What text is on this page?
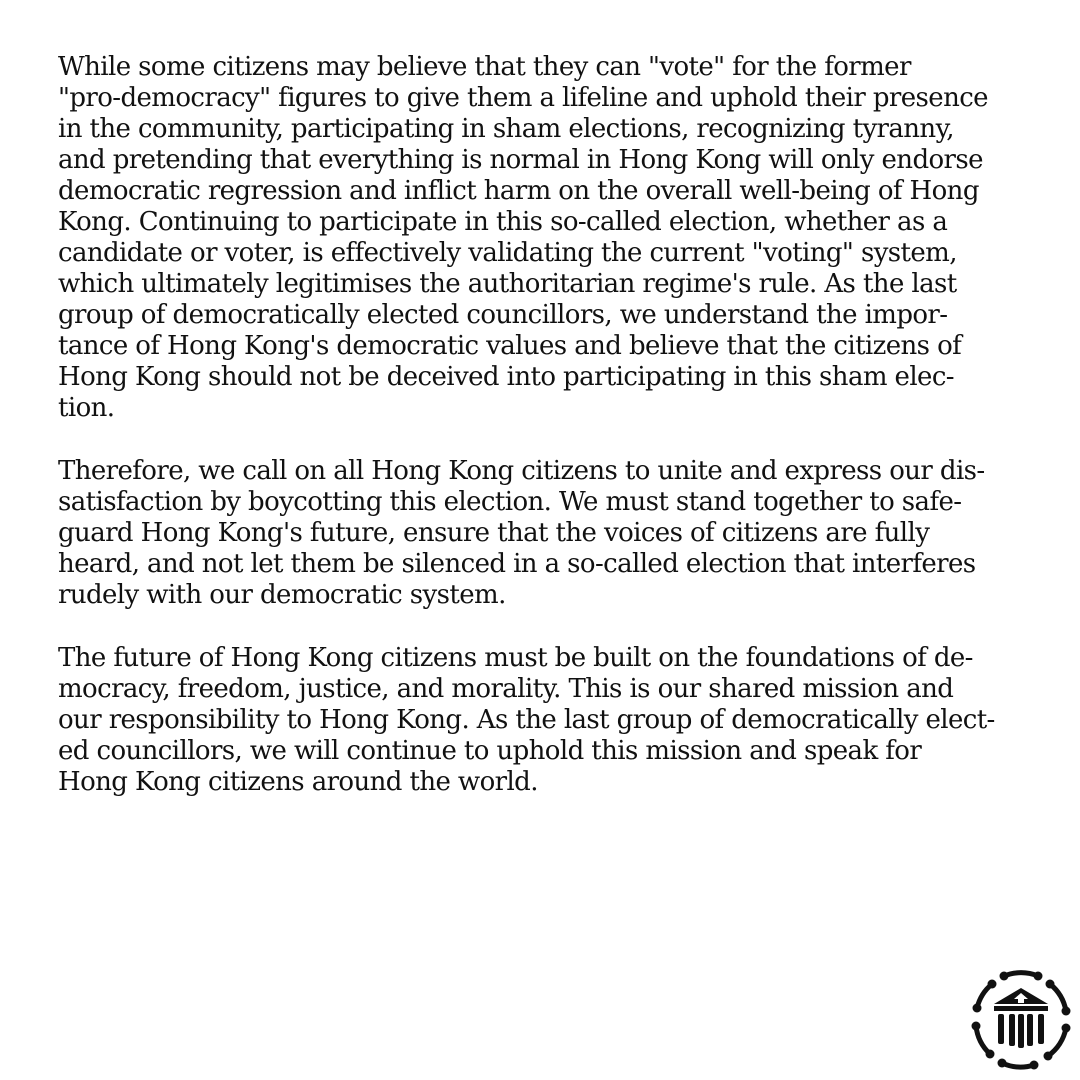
While some citizens may believe that they can "vote" for the former
"pro-democracy" figures to give them a lifeline and uphold their presence
in the community, participating in sham elections, recognizing tyranny,
and pretending that everything is normal in Hong Kong will only endorse
democratic regression and inflict harm on the overall well-being of Hong
Kong. Continuing to participate in this so-called election, whether as a
candidate or voter, is effectively validating the current "voting" system,
which ultimately legitimises the authoritarian regime's rule. As the last
group of democratically elected councillors, we understand the impor-
tance of Hong Kong's democratic values and believe that the citizens of
Hong Kong should not be deceived into participating in this sham elec-
tion.
Therefore, we call on all Hong Kong citizens to unite and express our dis-
satisfaction by boycotting this election. We must stand together to safe-
guard Hong Kong's future, ensure that the voices of citizens are fully
heard, and not let them be silenced in a so-called election that interferes
rudely with our democratic system.
The future of Hong Kong citizens must be built on the foundations of de-
mocracy, freedom, justice, and morality. This is our shared mission and
our responsibility to Hong Kong. As the last group of democratically elect-
ed councillors, we will continue to uphold this mission and speak for
Hong Kong citizens around the world.
